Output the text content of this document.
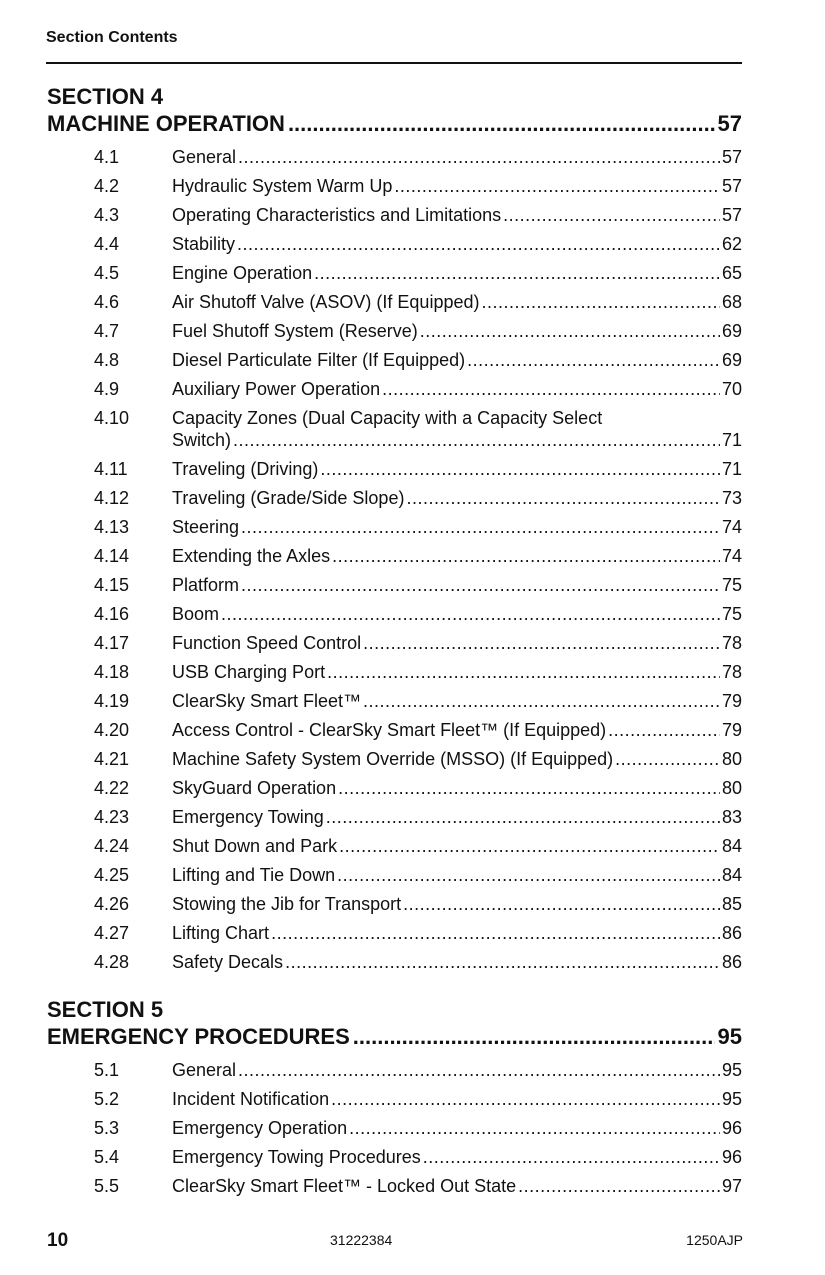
Section Contents
SECTION 4
MACHINE OPERATION .....	57
4.1	General .....	57
4.2	Hydraulic System Warm Up .....	57
4.3	Operating Characteristics and Limitations .....	57
4.4	Stability .....	62
4.5	Engine Operation .....	65
4.6	Air Shutoff Valve (ASOV) (If Equipped) .....	68
4.7	Fuel Shutoff System (Reserve) .....	69
4.8	Diesel Particulate Filter (If Equipped) .....	69
4.9	Auxiliary Power Operation .....	70
4.10	Capacity Zones (Dual Capacity with a Capacity Select
Switch) .....	71
4.11	Traveling (Driving) .....	71
4.12	Traveling (Grade/Side Slope) .....	73
4.13	Steering .....	74
4.14	Extending the Axles .....	74
4.15	Platform .....	75
4.16	Boom .....	75
4.17	Function Speed Control .....	78
4.18	USB Charging Port .....	78
4.19	ClearSky Smart Fleet™ .....	79
4.20	Access Control - ClearSky Smart Fleet™ (If Equipped) .....	79
4.21	Machine Safety System Override (MSSO) (If Equipped) .....	80
4.22	SkyGuard Operation .....	80
4.23	Emergency Towing .....	83
4.24	Shut Down and Park .....	84
4.25	Lifting and Tie Down .....	84
4.26	Stowing the Jib for Transport .....	85
4.27	Lifting Chart .....	86
4.28	Safety Decals .....	86
SECTION 5
EMERGENCY PROCEDURES .....	95
5.1	General .....	95
5.2	Incident Notification .....	95
5.3	Emergency Operation .....	96
5.4	Emergency Towing Procedures .....	96
5.5	ClearSky Smart Fleet™ - Locked Out State .....	97
10	31222384	1250AJP
